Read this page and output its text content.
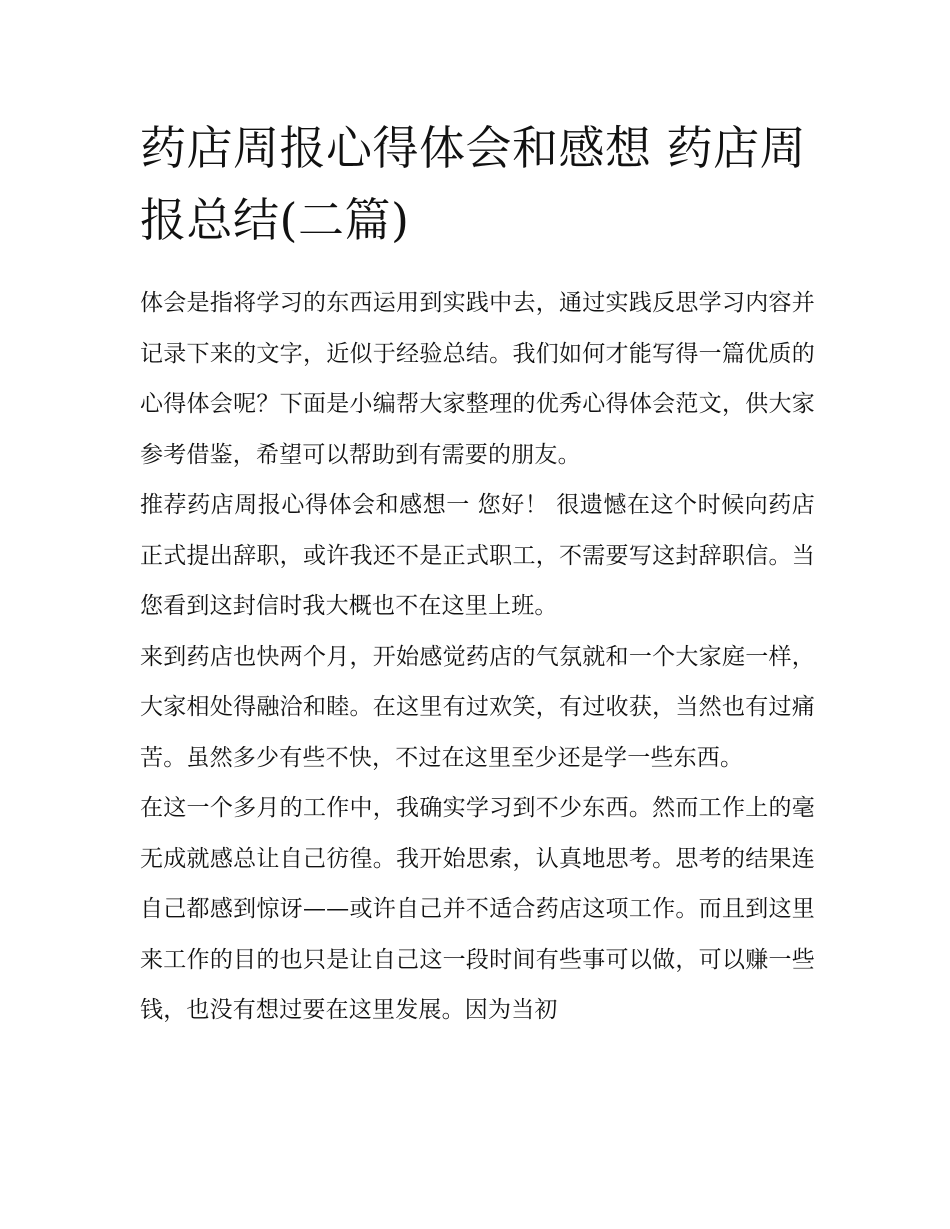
药店周报心得体会和感想 药店周报总结(二篇)

体会是指将学习的东西运用到实践中去，通过实践反思学习内容并记录下来的文字，近似于经验总结。我们如何才能写得一篇优质的心得体会呢？下面是小编帮大家整理的优秀心得体会范文，供大家参考借鉴，希望可以帮助到有需要的朋友。

推荐药店周报心得体会和感想一 您好！ 很遗憾在这个时候向药店正式提出辞职，或许我还不是正式职工，不需要写这封辞职信。当您看到这封信时我大概也不在这里上班。

来到药店也快两个月，开始感觉药店的气氛就和一个大家庭一样，大家相处得融洽和睦。在这里有过欢笑，有过收获，当然也有过痛苦。虽然多少有些不快，不过在这里至少还是学一些东西。

在这一个多月的工作中，我确实学习到不少东西。然而工作上的毫无成就感总让自己彷徨。我开始思索，认真地思考。思考的结果连自己都感到惊讶——或许自己并不适合药店这项工作。而且到这里来工作的目的也只是让自己这一段时间有些事可以做，可以赚一些钱，也没有想过要在这里发展。因为当初
